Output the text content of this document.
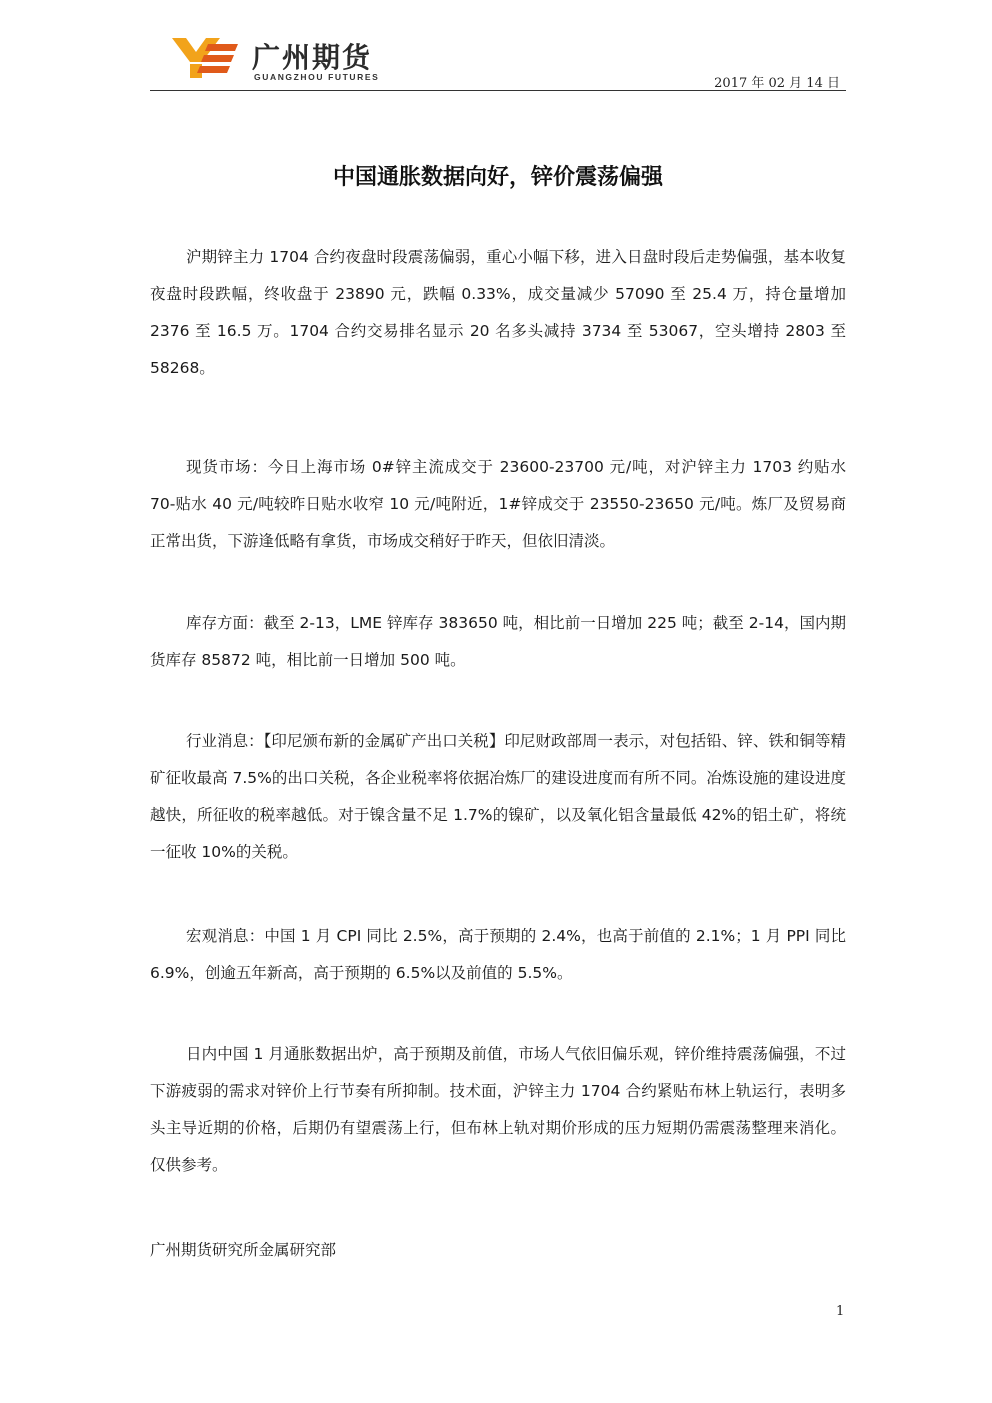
广州期货
GUANGZHOU FUTURES	2017 年 02 月 14 日
中国通胀数据向好，锌价震荡偏强

沪期锌主力 1704 合约夜盘时段震荡偏弱，重心小幅下移，进入日盘时段后走势偏强，基本收复夜盘时段跌幅，终收盘于 23890 元，跌幅 0.33%，成交量减少 57090 至 25.4 万，持仓量增加 2376 至 16.5 万。1704 合约交易排名显示 20 名多头减持 3734 至 53067，空头增持 2803 至 58268。

现货市场：今日上海市场 0#锌主流成交于 23600-23700 元/吨，对沪锌主力 1703 约贴水 70-贴水 40 元/吨较昨日贴水收窄 10 元/吨附近，1#锌成交于 23550-23650 元/吨。炼厂及贸易商正常出货，下游逢低略有拿货，市场成交稍好于昨天，但依旧清淡。

库存方面：截至 2-13，LME 锌库存 383650 吨，相比前一日增加 225 吨；截至 2-14，国内期货库存 85872 吨，相比前一日增加 500 吨。

行业消息：【印尼颁布新的金属矿产出口关税】印尼财政部周一表示，对包括铅、锌、铁和铜等精矿征收最高 7.5%的出口关税，各企业税率将依据冶炼厂的建设进度而有所不同。冶炼设施的建设进度越快，所征收的税率越低。对于镍含量不足 1.7%的镍矿，以及氧化铝含量最低 42%的铝土矿，将统一征收 10%的关税。

宏观消息：中国 1 月 CPI 同比 2.5%，高于预期的 2.4%，也高于前值的 2.1%；1 月 PPI 同比 6.9%，创逾五年新高，高于预期的 6.5%以及前值的 5.5%。

日内中国 1 月通胀数据出炉，高于预期及前值，市场人气依旧偏乐观，锌价维持震荡偏强，不过下游疲弱的需求对锌价上行节奏有所抑制。技术面，沪锌主力 1704 合约紧贴布林上轨运行，表明多头主导近期的价格，后期仍有望震荡上行，但布林上轨对期价形成的压力短期仍需震荡整理来消化。仅供参考。

广州期货研究所金属研究部
1
